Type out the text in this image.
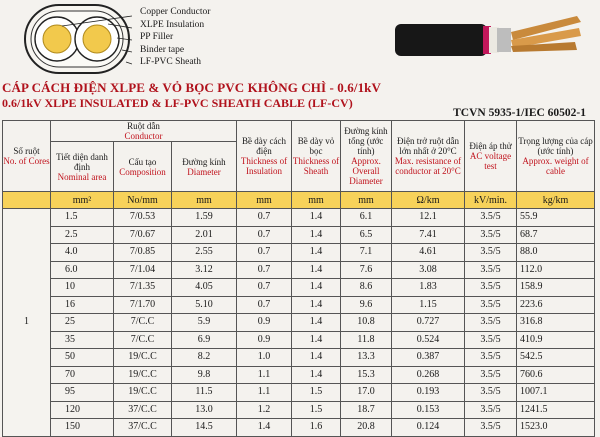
Copper Conductor
XLPE Insulation
PP Filler
Binder tape
LF-PVC Sheath
CÁP CÁCH ĐIỆN XLPE & VỎ BỌC PVC KHÔNG CHÌ - 0.6/1kV
0.6/1kV XLPE INSULATED & LF-PVC SHEATH CABLE (LF-CV)
TCVN 5935-1/IEC 60502-1
Số ruột
No. of Cores	Ruột dẫn
Conductor			Bề dày cách điện
Thickness of Insulation	Bề dày vỏ bọc
Thickness of Sheath	Đường kính tổng (ước tính)
Approx. Overall Diameter	Điện trở ruột dẫn lớn nhất ở 20°C
Max. resistance of conductor at 20°C	Điện áp thử
AC voltage test	Trọng lượng của cáp (ước tính)
Approx. weight of cable
	Tiết diện danh định
Nominal area	Cấu tạo
Composition	Đường kính
Diameter						
	mm²	No/mm	mm	mm	mm	mm	Ω/km	kV/min.	kg/km
1	1.5	7/0.53	1.59	0.7	1.4	6.1	12.1	3.5/5	55.9
	2.5	7/0.67	2.01	0.7	1.4	6.5	7.41	3.5/5	68.7
	4.0	7/0.85	2.55	0.7	1.4	7.1	4.61	3.5/5	88.0
	6.0	7/1.04	3.12	0.7	1.4	7.6	3.08	3.5/5	112.0
	10	7/1.35	4.05	0.7	1.4	8.6	1.83	3.5/5	158.9
	16	7/1.70	5.10	0.7	1.4	9.6	1.15	3.5/5	223.6
	25	7/C.C	5.9	0.9	1.4	10.8	0.727	3.5/5	316.8
	35	7/C.C	6.9	0.9	1.4	11.8	0.524	3.5/5	410.9
	50	19/C.C	8.2	1.0	1.4	13.3	0.387	3.5/5	542.5
	70	19/C.C	9.8	1.1	1.4	15.3	0.268	3.5/5	760.6
	95	19/C.C	11.5	1.1	1.5	17.0	0.193	3.5/5	1007.1
	120	37/C.C	13.0	1.2	1.5	18.7	0.153	3.5/5	1241.5
	150	37/C.C	14.5	1.4	1.6	20.8	0.124	3.5/5	1523.0
